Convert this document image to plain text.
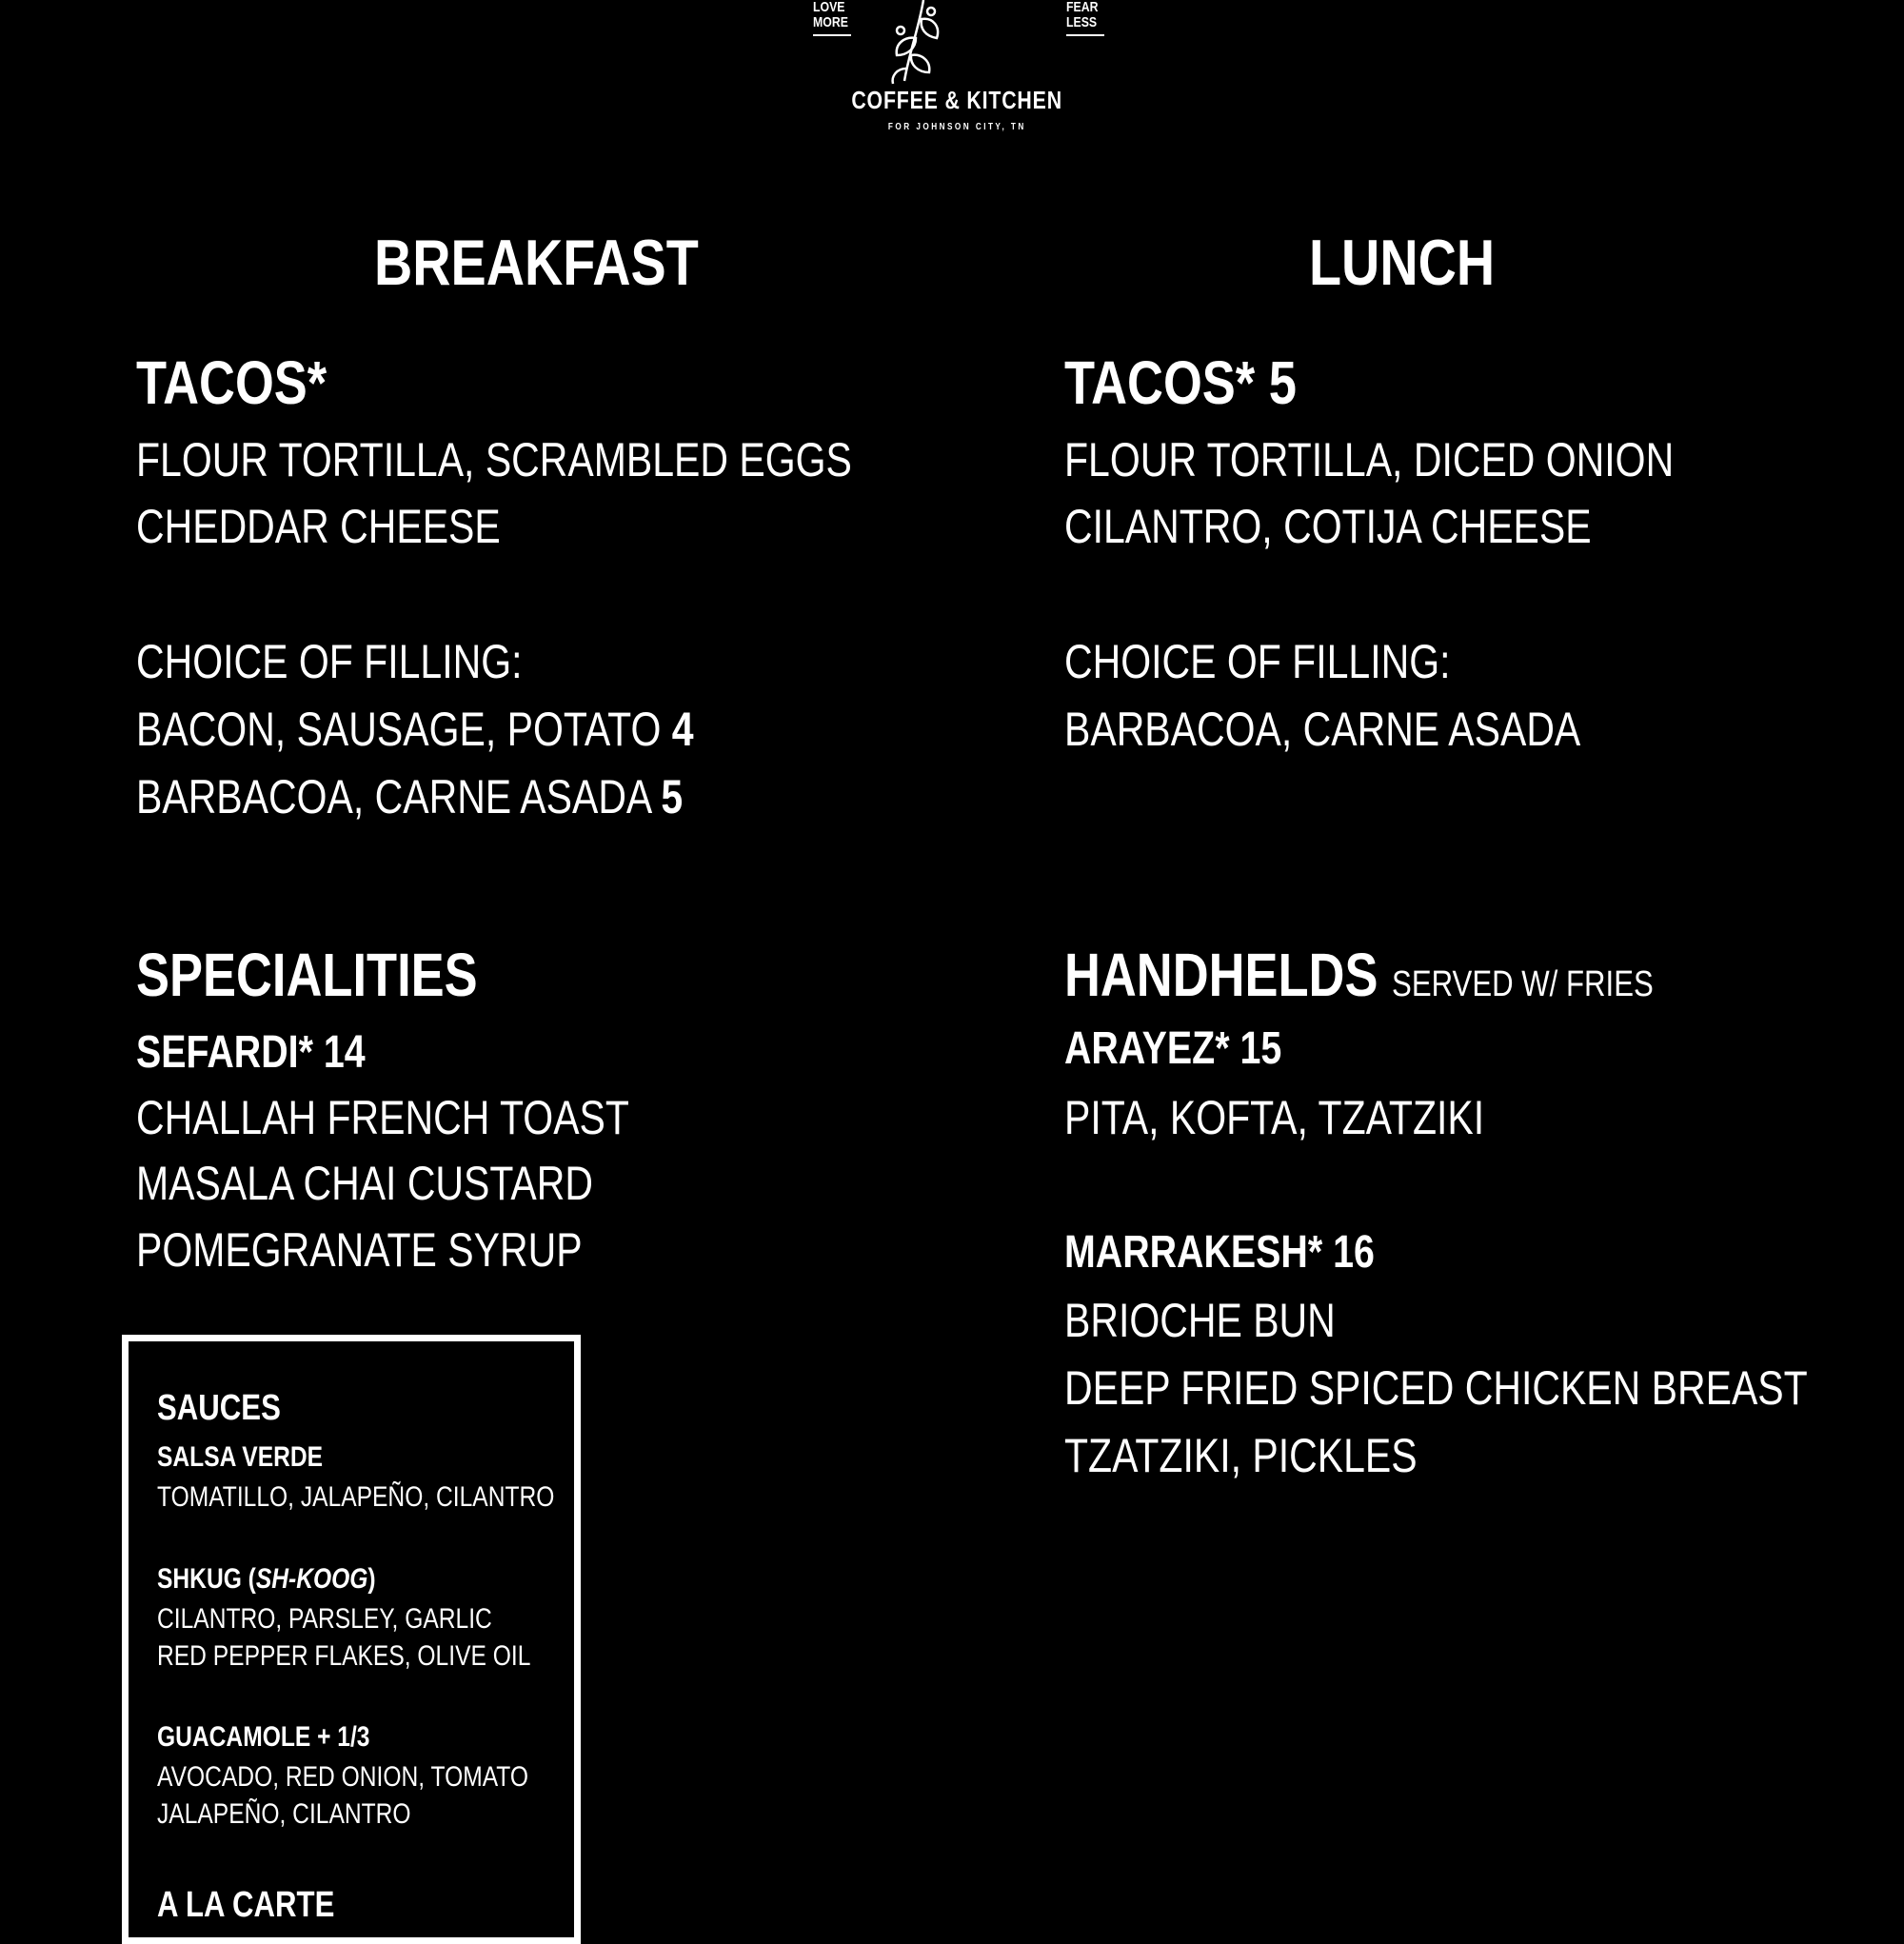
LOVE
MORE
FEAR
LESS
COFFEE & KITCHEN
FOR JOHNSON CITY, TN
BREAKFAST
TACOS*
FLOUR TORTILLA, SCRAMBLED EGGS
CHEDDAR CHEESE
CHOICE OF FILLING:
BACON, SAUSAGE, POTATO 4
BARBACOA, CARNE ASADA 5
SPECIALITIES
SEFARDI* 14
CHALLAH FRENCH TOAST
MASALA CHAI CUSTARD
POMEGRANATE SYRUP
SAUCES
SALSA VERDE
TOMATILLO, JALAPEÑO, CILANTRO
SHKUG (SH-KOOG)
CILANTRO, PARSLEY, GARLIC
RED PEPPER FLAKES, OLIVE OIL
GUACAMOLE + 1/3
AVOCADO, RED ONION, TOMATO
JALAPEÑO, CILANTRO
A LA CARTE
LUNCH
TACOS* 5
FLOUR TORTILLA, DICED ONION
CILANTRO, COTIJA CHEESE
CHOICE OF FILLING:
BARBACOA, CARNE ASADA
HANDHELDS SERVED W/ FRIES
ARAYEZ* 15
PITA, KOFTA, TZATZIKI
MARRAKESH* 16
BRIOCHE BUN
DEEP FRIED SPICED CHICKEN BREAST
TZATZIKI, PICKLES
